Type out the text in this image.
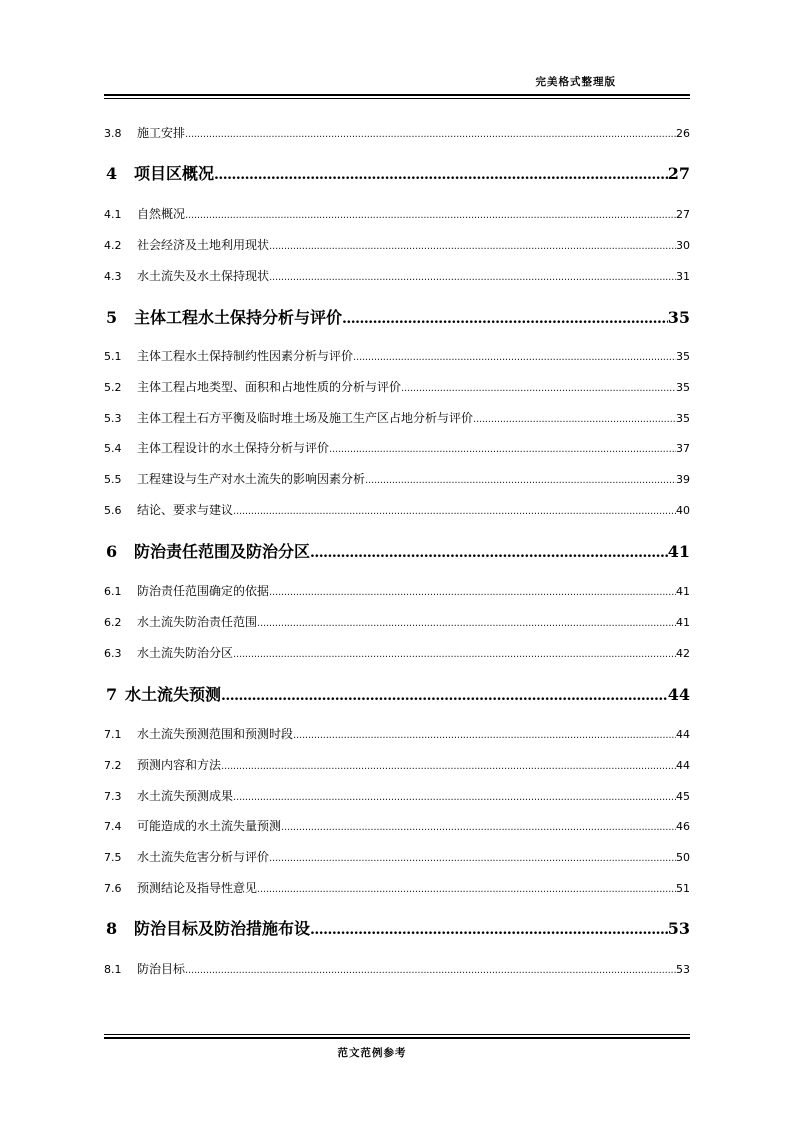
完美格式整理版
3.8	施工安排 .....	26
4	项目区概况 .....	27
4.1	自然概况 .....	27
4.2	社会经济及土地利用现状 .....	30
4.3	水土流失及水土保持现状 .....	31
5	主体工程水土保持分析与评价 .....	35
5.1	主体工程水土保持制约性因素分析与评价 .....	35
5.2	主体工程占地类型、面积和占地性质的分析与评价 .....	35
5.3	主体工程土石方平衡及临时堆土场及施工生产区占地分析与评价 .....	35
5.4	主体工程设计的水土保持分析与评价 .....	37
5.5	工程建设与生产对水土流失的影响因素分析 .....	39
5.6	结论、要求与建议 .....	40
6	防治责任范围及防治分区 .....	41
6.1	防治责任范围确定的依据 .....	41
6.2	水土流失防治责任范围 .....	41
6.3	水土流失防治分区 .....	42
7 水土流失预测 .....	44
7.1	水土流失预测范围和预测时段 .....	44
7.2	预测内容和方法 .....	44
7.3	水土流失预测成果 .....	45
7.4	可能造成的水土流失量预测 .....	46
7.5	水土流失危害分析与评价 .....	50
7.6	预测结论及指导性意见 .....	51
8	防治目标及防治措施布设 .....	53
8.1	防治目标 .....	53
范文范例参考
